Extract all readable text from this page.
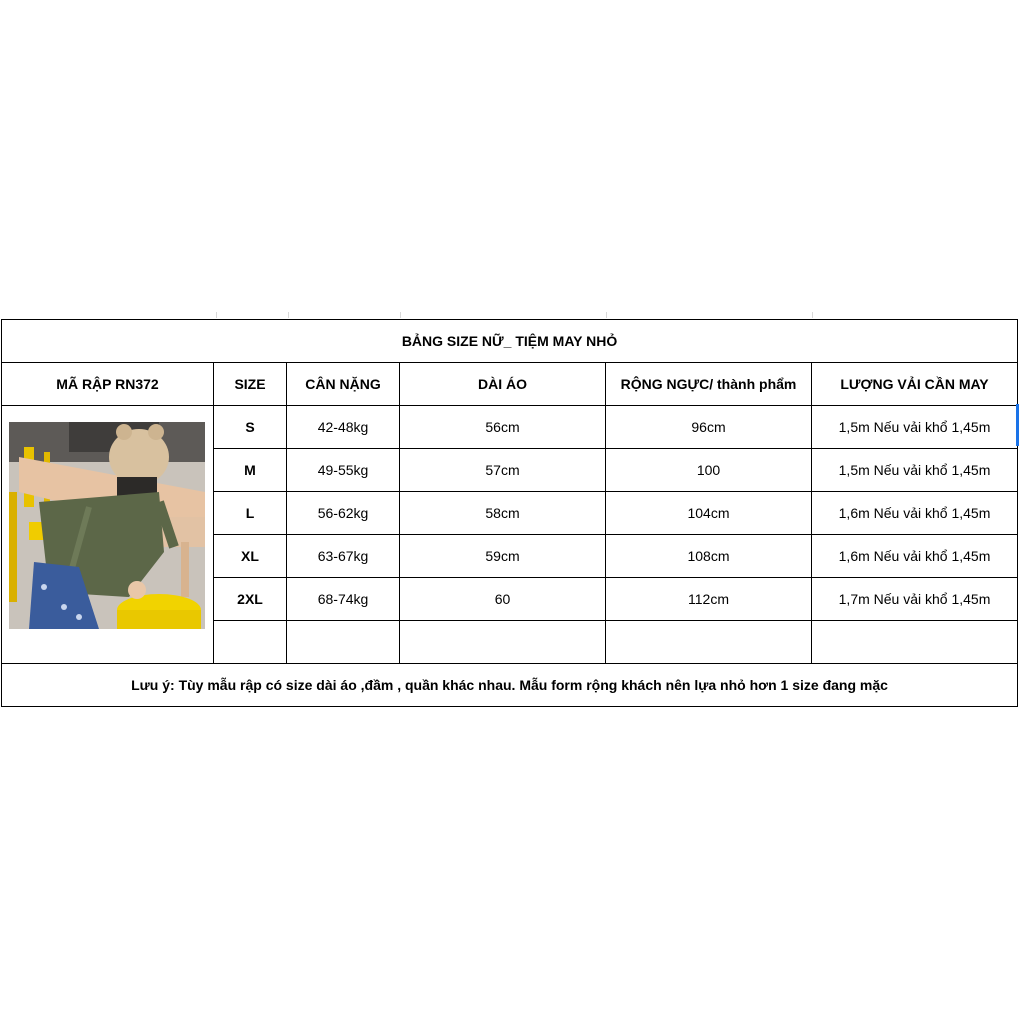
BẢNG SIZE NỮ_ TIỆM MAY NHỎ					
MÃ RẬP RN372	SIZE	CÂN NẶNG	DÀI ÁO	RỘNG NGỰC/ thành phẩm	LƯỢNG VẢI CẦN MAY

	S	42-48kg	56cm	96cm	1,5m Nếu vải khổ 1,45m
	M	49-55kg	57cm	100	1,5m Nếu vải khổ 1,45m
	L	56-62kg	58cm	104cm	1,6m Nếu vải khổ 1,45m
	XL	63-67kg	59cm	108cm	1,6m Nếu vải khổ 1,45m
	2XL	68-74kg	60	112cm	1,7m Nếu vải khổ 1,45m

Lưu ý: Tùy mẫu rập có size dài áo ,đầm , quần khác nhau. Mẫu form rộng khách nên lựa nhỏ hơn 1 size đang mặc					
